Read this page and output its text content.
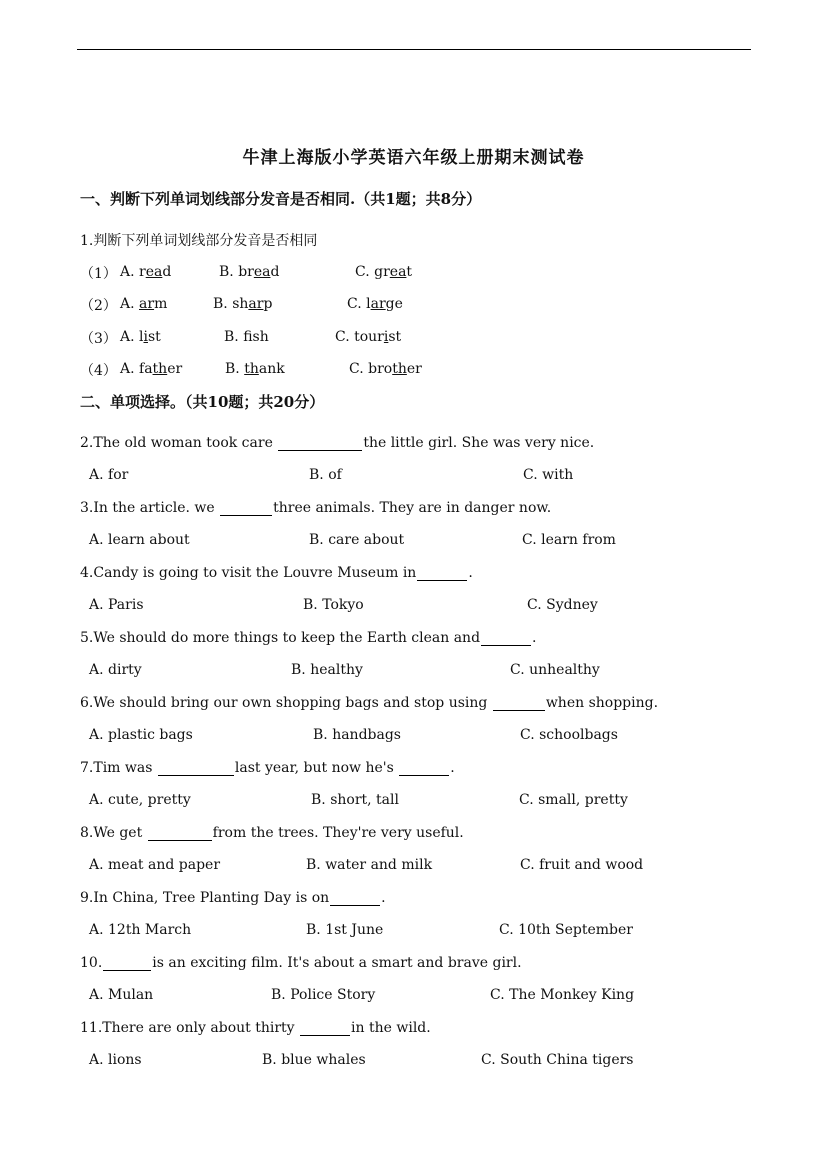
牛津上海版小学英语六年级上册期末测试卷
一、判断下列单词划线部分发音是否相同.（共1题；共8分）
1.判断下列单词划线部分发音是否相同
（1） A. read	B. bread	C. great
（2） A. arm	B. sharp	C. large
（3） A. list	B. fsh	C. tourist
（4） A. father	B. thank	C. brother
二、单项选择。（共10题；共20分）
2.The old woman took care	the little girl. She was very nice.
A. for	B. of	C. with
3.In the article. we	three animals. They are in danger now.
A. learn about	B. care about	C. learn from
4.Candy is going to visit the Louvre Museum in	.
A. Paris	B. Tokyo	C. Sydney
5.We should do more things to keep the Earth clean and	.
A. dirty	B. healthy	C. unhealthy
6.We should bring our own shopping bags and stop using	when shopping.
A. plastic bags	B. handbags	C. schoolbags
7.Tim was	last year, but now he's	.
A. cute, pretty	B. short, tall	C. small, pretty
8.We get	from the trees. They're very useful.
A. meat and paper	B. water and milk	C. fruit and wood
9.In China, Tree Planting Day is on	.
A. 12th March	B. 1st June	C. 10th September
10.	is an exciting film. It's about a smart and brave girl.
A. Mulan	B. Police Story	C. The Monkey King
11.There are only about thirty	in the wild.
A. lions	B. blue whales	C. South China tigers
